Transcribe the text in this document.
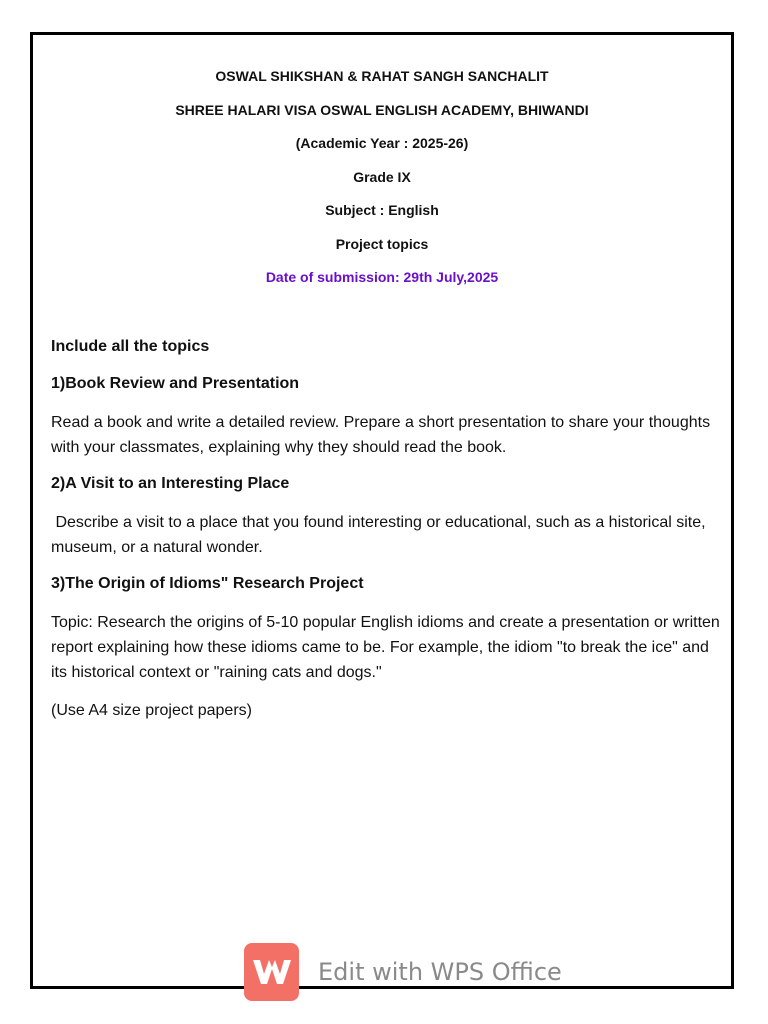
OSWAL SHIKSHAN & RAHAT SANGH SANCHALIT
SHREE HALARI VISA OSWAL ENGLISH ACADEMY, BHIWANDI
(Academic Year : 2025-26)
Grade IX
Subject : English
Project topics
Date of submission: 29th July,2025
Include all the topics
1)Book Review and Presentation
Read a book and write a detailed review. Prepare a short presentation to share your thoughts with your classmates, explaining why they should read the book.
2)A Visit to an Interesting Place
Describe a visit to a place that you found interesting or educational, such as a historical site, museum, or a natural wonder.
3)The Origin of Idioms" Research Project
Topic: Research the origins of 5-10 popular English idioms and create a presentation or written report explaining how these idioms came to be. For example, the idiom "to break the ice" and its historical context or "raining cats and dogs."
(Use A4 size project papers)
Edit with WPS Office
